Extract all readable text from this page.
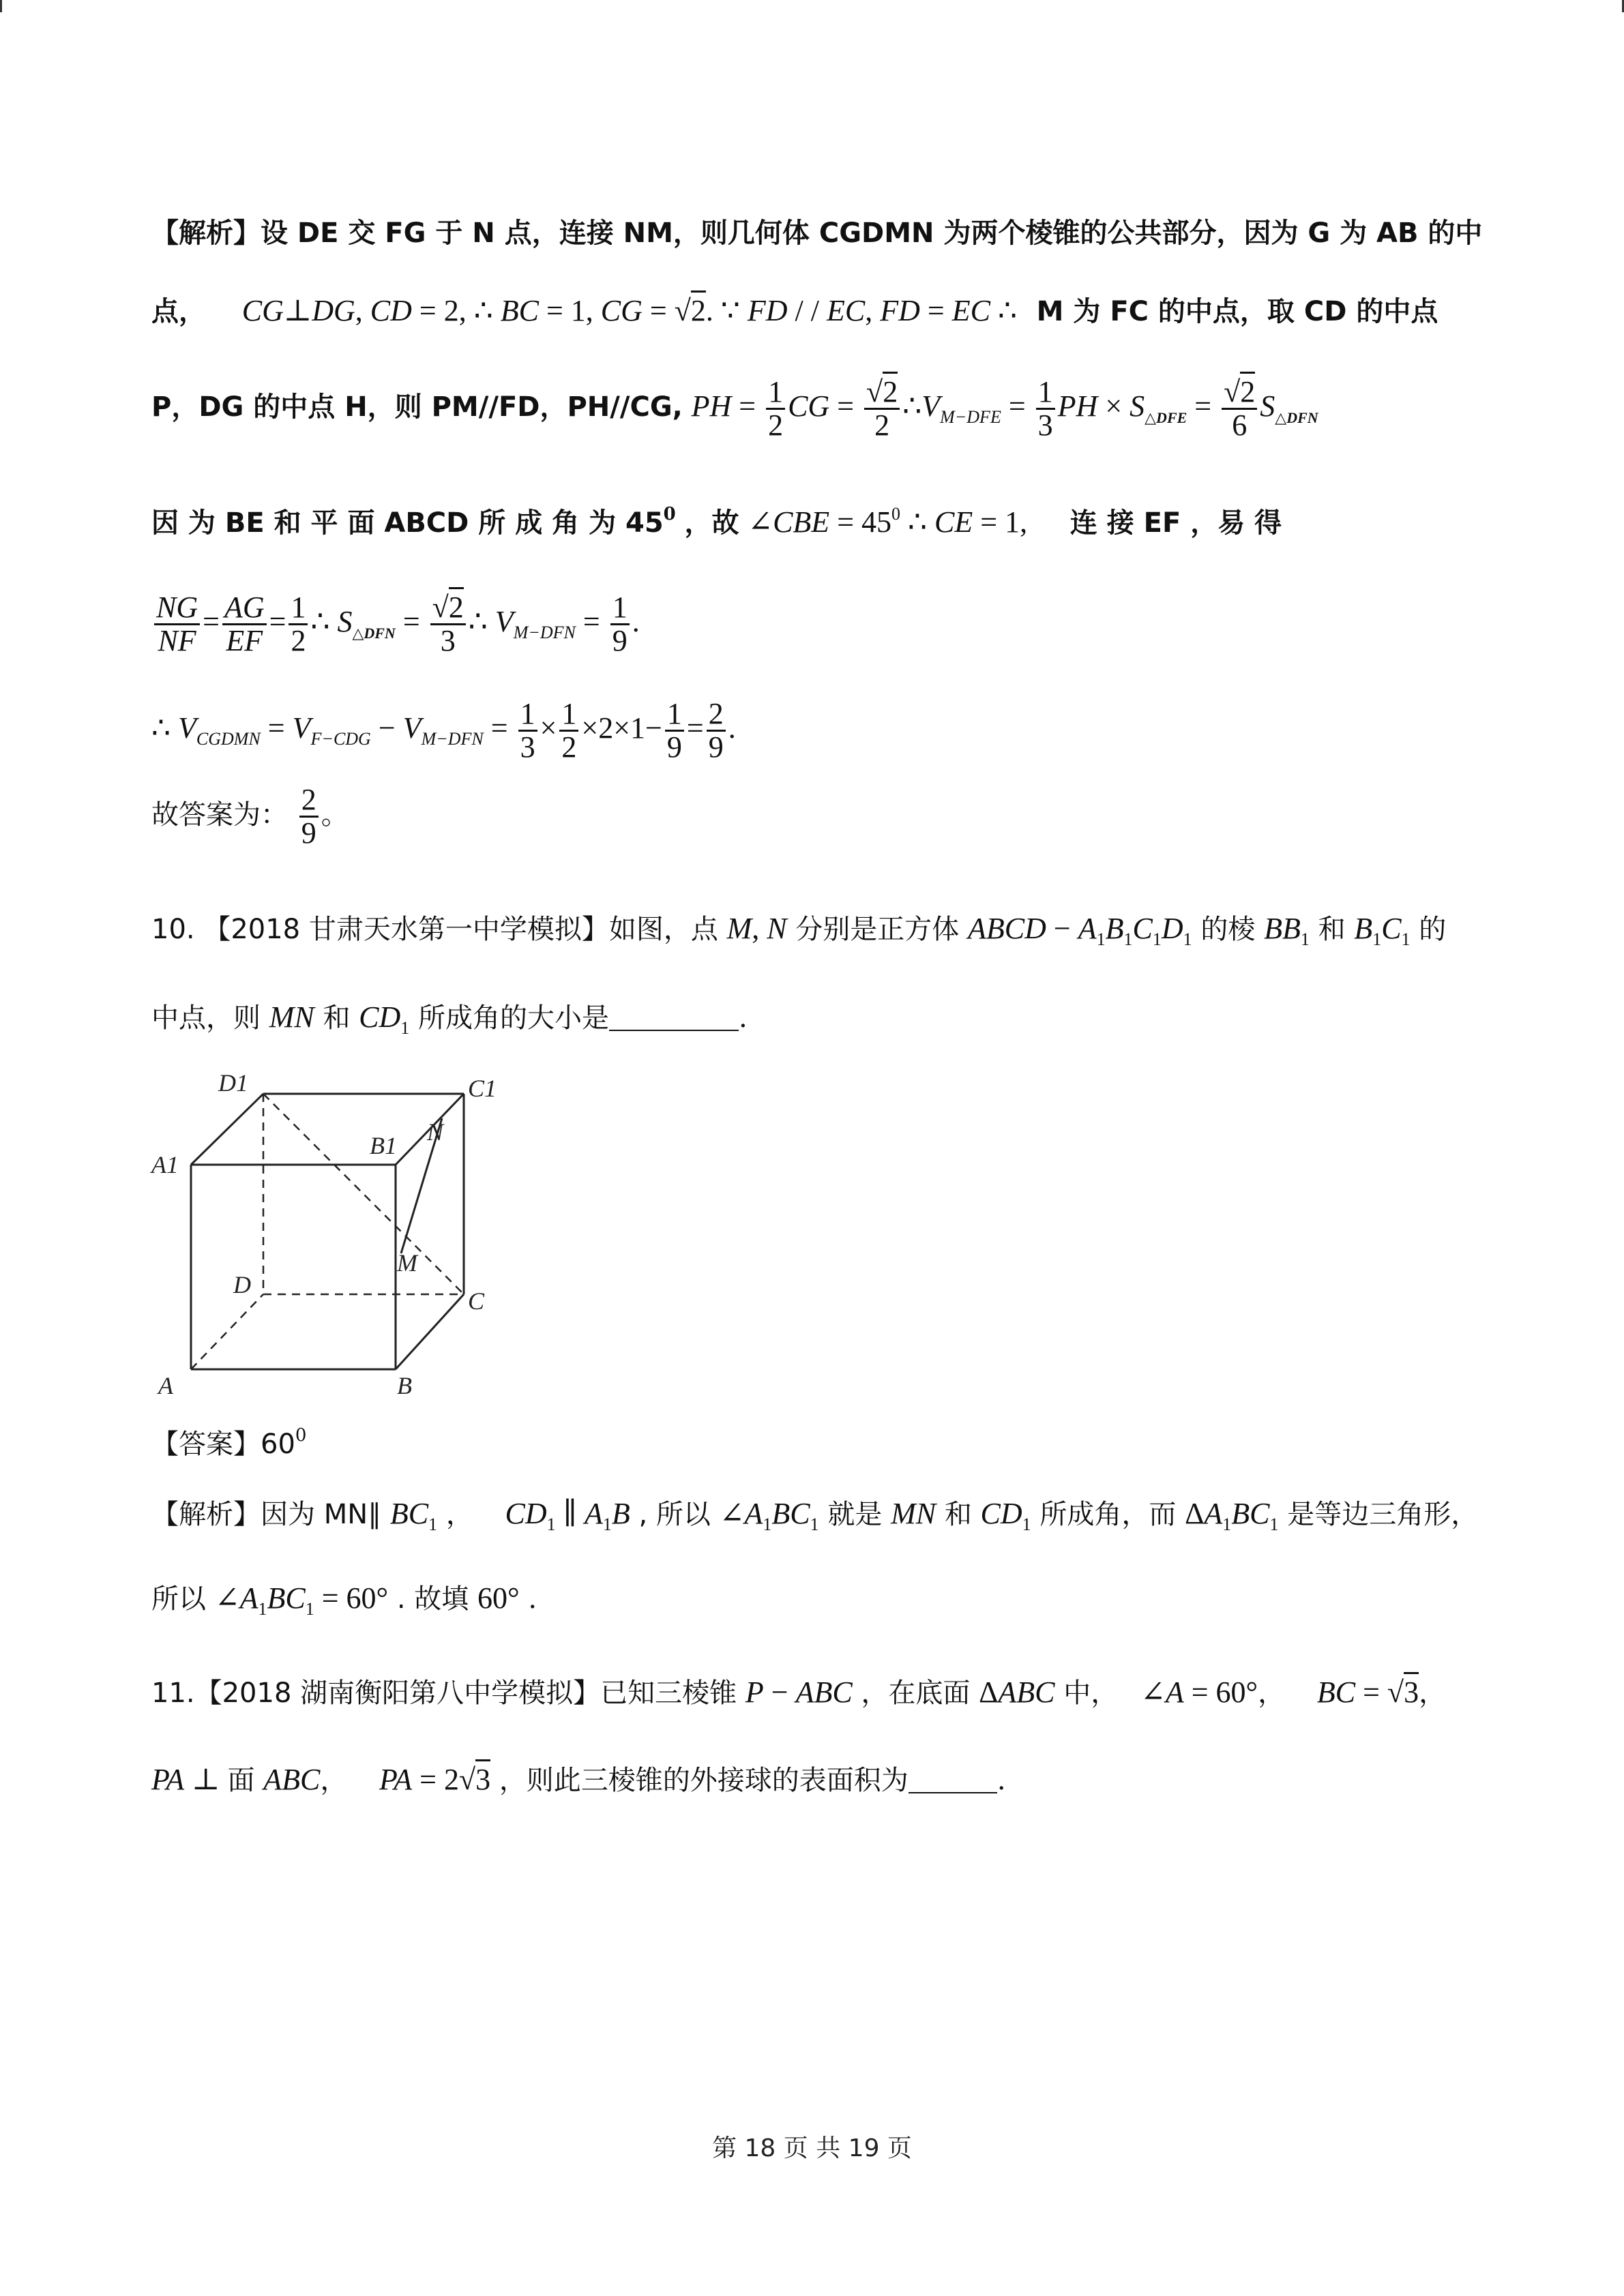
【解析】设 DE 交 FG 于 N 点，连接 NM，则几何体 CGDMN 为两个棱锥的公共部分，因为 G 为 AB 的中
点， CG⊥DG, CD = 2, ∴ BC = 1, CG = √2. ∵ FD / / EC, FD = EC ∴ M 为 FC 的中点，取 CD 的中点
P，DG 的中点 H，则 PM//FD，PH//CG, PH = $\frac{1}{2}$ CG = $\frac{√2}{2}$ $\therefore V_{M-DFE} = \frac{1}{3}$ PH × $S_{\triangle DFE} = \frac{√2}{6} S_{\triangle DFN}$
因 为 BE 和 平 面 ABCD 所 成 角 为 $45^0$ ，故 ∠CBE = $45^0$ ∴ CE = 1, 连 接 EF ，易 得
$\frac{NG}{NF} = \frac{AG}{EF} = \frac{1}{2}$ ∴ $S_{\triangle DFN} = \frac{√2}{3}$ ∴ $V_{M-DFN} = \frac{1}{9}$ .
∴ $V_{CGDMN} = V_{F-CDG} - V_{M-DFN} = \frac{1}{3} \times \frac{1}{2} \times 2\times 1- \frac{1}{9} = \frac{2}{9}$ .
故答案为： $\frac{2}{9}$ 。
10. 【2018 甘肃天水第一中学模拟】如图，点 M, N 分别是正方体 ABCD − $A_1B_1C_1D_1$ 的棱 $BB_1$ 和 $B_1C_1$ 的
中点，则 MN 和 $CD_1$ 所成角的大小是	.
D1	C1
B1 N
A1
M
D
C
A	B
【答案】$60^0$
【解析】因为 MN∥ $BC_1$ ， $CD_1$ ∥ $A_1B$ , 所以 $\angle A_1BC_1$ 就是 MN 和 $CD_1$ 所成角，而 $\Delta A_1BC_1$ 是等边三角形，
所以 $\angle A_1BC_1 = 60^\circ$ . 故填 60° .
11.【2018 湖南衡阳第八中学模拟】已知三棱锥 P − ABC ，在底面 ΔABC 中， ∠A = 60°， BC = √3，
PA ⊥ 面 ABC， PA = 2√3 ，则此三棱锥的外接球的表面积为	.
第 18 页 共 19 页
